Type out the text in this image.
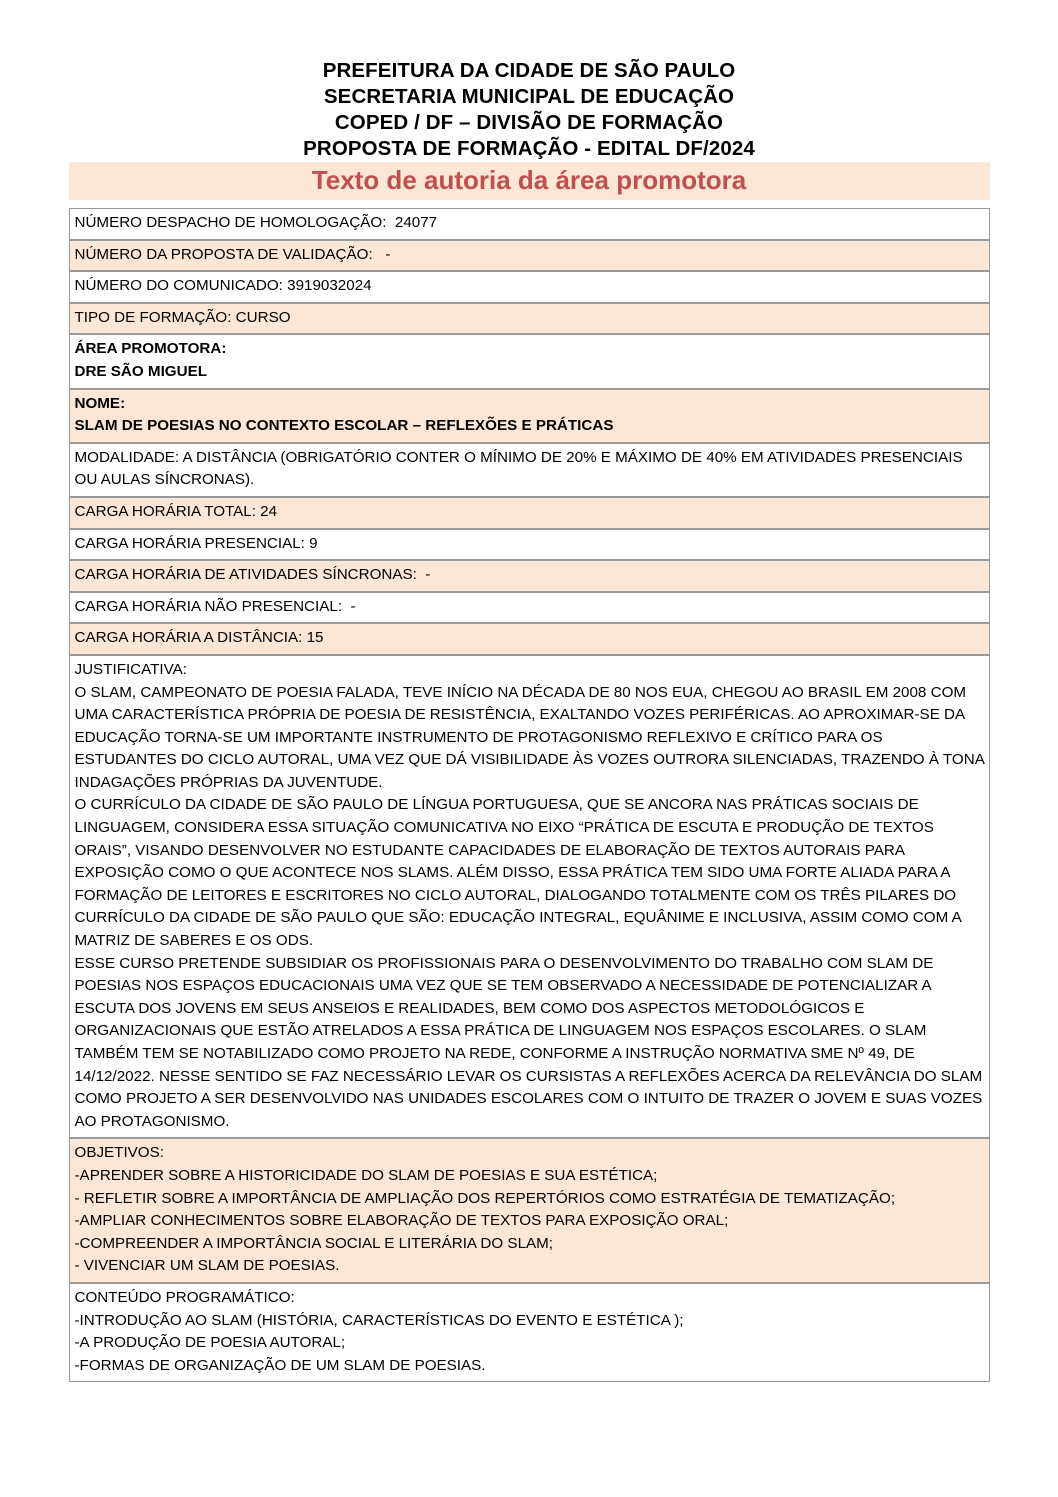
PREFEITURA DA CIDADE DE SÃO PAULO
SECRETARIA MUNICIPAL DE EDUCAÇÃO
COPED / DF – DIVISÃO DE FORMAÇÃO
PROPOSTA DE FORMAÇÃO - EDITAL DF/2024
Texto de autoria da área promotora
NÚMERO DESPACHO DE HOMOLOGAÇÃO:  24077
NÚMERO DA PROPOSTA DE VALIDAÇÃO:   -
NÚMERO DO COMUNICADO: 3919032024
TIPO DE FORMAÇÃO: CURSO
ÁREA PROMOTORA:
DRE SÃO MIGUEL
NOME:
SLAM DE POESIAS NO CONTEXTO ESCOLAR – REFLEXÕES E PRÁTICAS
MODALIDADE: A DISTÂNCIA (OBRIGATÓRIO CONTER O MÍNIMO DE 20% E MÁXIMO DE 40% EM ATIVIDADES PRESENCIAIS OU AULAS SÍNCRONAS).
CARGA HORÁRIA TOTAL: 24
CARGA HORÁRIA PRESENCIAL: 9
CARGA HORÁRIA DE ATIVIDADES SÍNCRONAS:  -
CARGA HORÁRIA NÃO PRESENCIAL:  -
CARGA HORÁRIA A DISTÂNCIA: 15
JUSTIFICATIVA:
O SLAM, CAMPEONATO DE POESIA FALADA, TEVE INÍCIO NA DÉCADA DE 80 NOS EUA, CHEGOU AO BRASIL EM 2008 COM UMA CARACTERÍSTICA PRÓPRIA DE POESIA DE RESISTÊNCIA, EXALTANDO VOZES PERIFÉRICAS. AO APROXIMAR-SE DA EDUCAÇÃO TORNA-SE UM IMPORTANTE INSTRUMENTO DE PROTAGONISMO REFLEXIVO E CRÍTICO PARA OS ESTUDANTES DO CICLO AUTORAL, UMA VEZ QUE DÁ VISIBILIDADE ÀS VOZES OUTRORA SILENCIADAS, TRAZENDO À TONA INDAGAÇÕES PRÓPRIAS DA JUVENTUDE.
O CURRÍCULO DA CIDADE DE SÃO PAULO DE LÍNGUA PORTUGUESA, QUE SE ANCORA NAS PRÁTICAS SOCIAIS DE LINGUAGEM, CONSIDERA ESSA SITUAÇÃO COMUNICATIVA NO EIXO “PRÁTICA DE ESCUTA E PRODUÇÃO DE TEXTOS ORAIS”, VISANDO DESENVOLVER NO ESTUDANTE CAPACIDADES DE ELABORAÇÃO DE TEXTOS AUTORAIS PARA EXPOSIÇÃO COMO O QUE ACONTECE NOS SLAMS. ALÉM DISSO, ESSA PRÁTICA TEM SIDO UMA FORTE ALIADA PARA A FORMAÇÃO DE LEITORES E ESCRITORES NO CICLO AUTORAL, DIALOGANDO TOTALMENTE COM OS TRÊS PILARES DO CURRÍCULO DA CIDADE DE SÃO PAULO QUE SÃO: EDUCAÇÃO INTEGRAL, EQUÂNIME E INCLUSIVA, ASSIM COMO COM A MATRIZ DE SABERES E OS ODS.
ESSE CURSO PRETENDE SUBSIDIAR OS PROFISSIONAIS PARA O DESENVOLVIMENTO DO TRABALHO COM SLAM DE POESIAS NOS ESPAÇOS EDUCACIONAIS UMA VEZ QUE SE TEM OBSERVADO A NECESSIDADE DE POTENCIALIZAR A ESCUTA DOS JOVENS EM SEUS ANSEIOS E REALIDADES, BEM COMO DOS ASPECTOS METODOLÓGICOS E ORGANIZACIONAIS QUE ESTÃO ATRELADOS A ESSA PRÁTICA DE LINGUAGEM NOS ESPAÇOS ESCOLARES. O SLAM TAMBÉM TEM SE NOTABILIZADO COMO PROJETO NA REDE, CONFORME A INSTRUÇÃO NORMATIVA SME Nº 49, DE 14/12/2022. NESSE SENTIDO SE FAZ NECESSÁRIO LEVAR OS CURSISTAS A REFLEXÕES ACERCA DA RELEVÂNCIA DO SLAM COMO PROJETO A SER DESENVOLVIDO NAS UNIDADES ESCOLARES COM O INTUITO DE TRAZER O JOVEM E SUAS VOZES AO PROTAGONISMO.
OBJETIVOS:
-APRENDER SOBRE A HISTORICIDADE DO SLAM DE POESIAS E SUA ESTÉTICA;
- REFLETIR SOBRE A IMPORTÂNCIA DE AMPLIAÇÃO DOS REPERTÓRIOS COMO ESTRATÉGIA DE TEMATIZAÇÃO;
-AMPLIAR CONHECIMENTOS SOBRE ELABORAÇÃO DE TEXTOS PARA EXPOSIÇÃO ORAL;
-COMPREENDER A IMPORTÂNCIA SOCIAL E LITERÁRIA DO SLAM;
- VIVENCIAR UM SLAM DE POESIAS.
CONTEÚDO PROGRAMÁTICO:
-INTRODUÇÃO AO SLAM (HISTÓRIA, CARACTERÍSTICAS DO EVENTO E ESTÉTICA );
-A PRODUÇÃO DE POESIA AUTORAL;
-FORMAS DE ORGANIZAÇÃO DE UM SLAM DE POESIAS.
